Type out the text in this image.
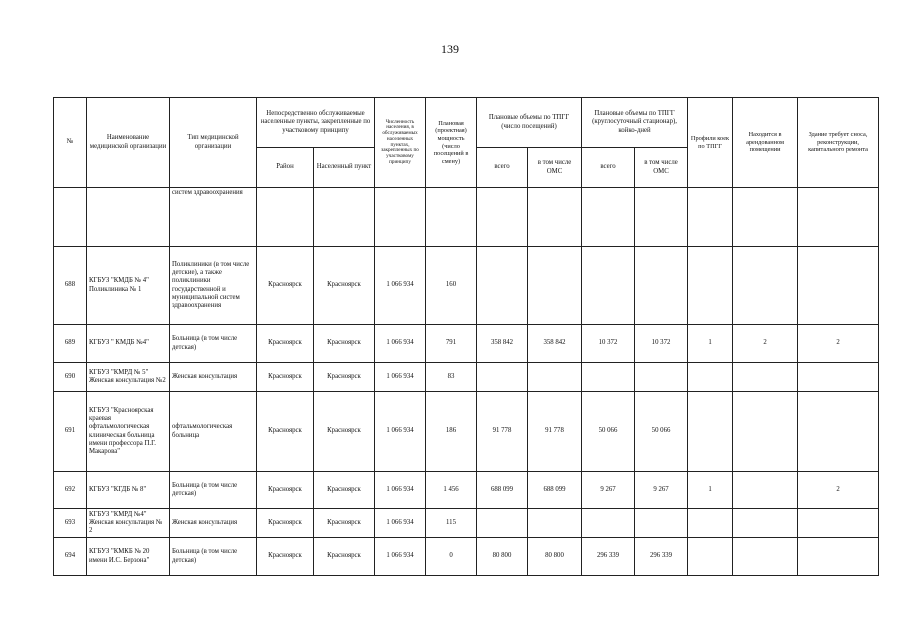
139
№	Наименование медицинской организации	Тип медицинской организации	Непосредственно обслуживаемые населенные пункты, закрепленные по участковому принципу		Численность населения, в обслуживаемых населенных пунктах, закрепленных по участковому принципу	Плановая (проектная) мощность (число посещений в смену)	Плановые объемы по ТПГГ (число посещений)		Плановые объемы по ТПГГ (круглосуточный стационар), койко-дней		Профили коек по ТПГГ	Находится в арендованном помещении	Здание требует сноса, реконструкции, капитального ремонта
			Район	Населенный пункт			всего	в том числе ОМС	всего	в том числе ОМС			
		систем здравоохранения											
688	КГБУЗ "КМДБ № 4" Поликлиника № 1	Поликлиники (в том числе детские), а также поликлиники государственной и муниципальной систем здравоохранения	Красноярск	Красноярск	1 066 934	160							
689	КГБУЗ " КМДБ №4"	Больница (в том числе детская)	Красноярск	Красноярск	1 066 934	791	358 842	358 842	10 372	10 372	1	2	2
690	КГБУЗ "КМРД № 5" Женская консультация №2	Женская консультация	Красноярск	Красноярск	1 066 934	83							
691	КГБУЗ "Красноярская краевая офтальмологическая клиническая больница имени профессора П.Г. Макарова"	офтальмологическая больница	Красноярск	Красноярск	1 066 934	186	91 778	91 778	50 066	50 066			
692	КГБУЗ "КГДБ № 8"	Больница (в том числе детская)	Красноярск	Красноярск	1 066 934	1 456	688 099	688 099	9 267	9 267	1		2
693	КГБУЗ "КМРД №4" Женская консультация № 2	Женская консультация	Красноярск	Красноярск	1 066 934	115							
694	КГБУЗ "КМКБ № 20 имени И.С. Берзона"	Больница (в том числе детская)	Красноярск	Красноярск	1 066 934	0	80 800	80 800	296 339	296 339			
